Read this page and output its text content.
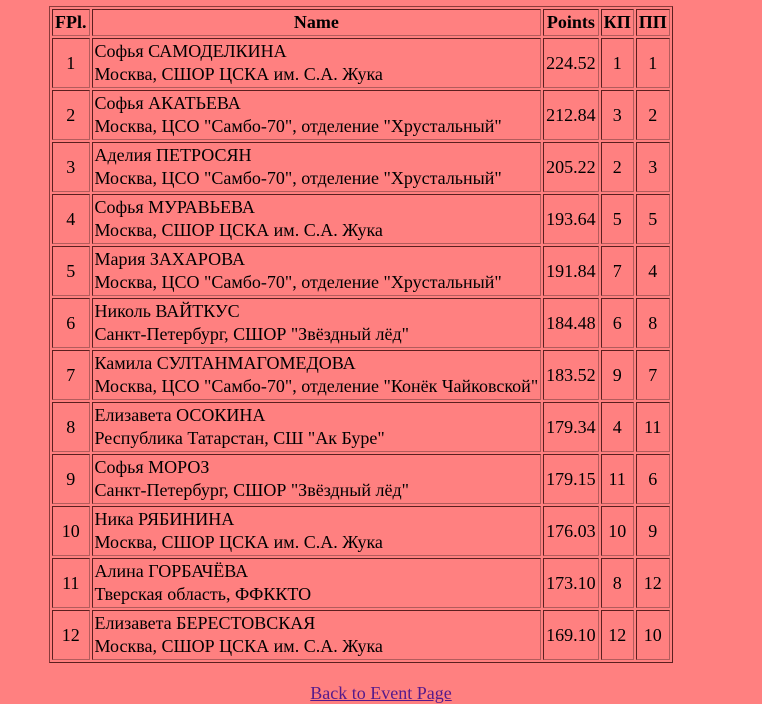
FPl.	Name	Points	КП	ПП
1	Софья САМОДЕЛКИНА
Москва, СШОР ЦСКА им. С.А. Жука	224.52	1	1
2	Софья АКАТЬЕВА
Москва, ЦСО "Самбо-70", отделение "Хрустальный"	212.84	3	2
3	Аделия ПЕТРОСЯН
Москва, ЦСО "Самбо-70", отделение "Хрустальный"	205.22	2	3
4	Софья МУРАВЬЕВА
Москва, СШОР ЦСКА им. С.А. Жука	193.64	5	5
5	Мария ЗАХАРОВА
Москва, ЦСО "Самбо-70", отделение "Хрустальный"	191.84	7	4
6	Николь ВАЙТКУС
Санкт-Петербург, СШОР "Звёздный лёд"	184.48	6	8
7	Камила СУЛТАНМАГОМЕДОВА
Москва, ЦСО "Самбо-70", отделение "Конёк Чайковской"	183.52	9	7
8	Елизавета ОСОКИНА
Республика Татарстан, СШ "Ак Буре"	179.34	4	11
9	Софья МОРОЗ
Санкт-Петербург, СШОР "Звёздный лёд"	179.15	11	6
10	Ника РЯБИНИНА
Москва, СШОР ЦСКА им. С.А. Жука	176.03	10	9
11	Алина ГОРБАЧЁВА
Тверская область, ФФККТО	173.10	8	12
12	Елизавета БЕРЕСТОВСКАЯ
Москва, СШОР ЦСКА им. С.А. Жука	169.10	12	10
Back to Event Page
